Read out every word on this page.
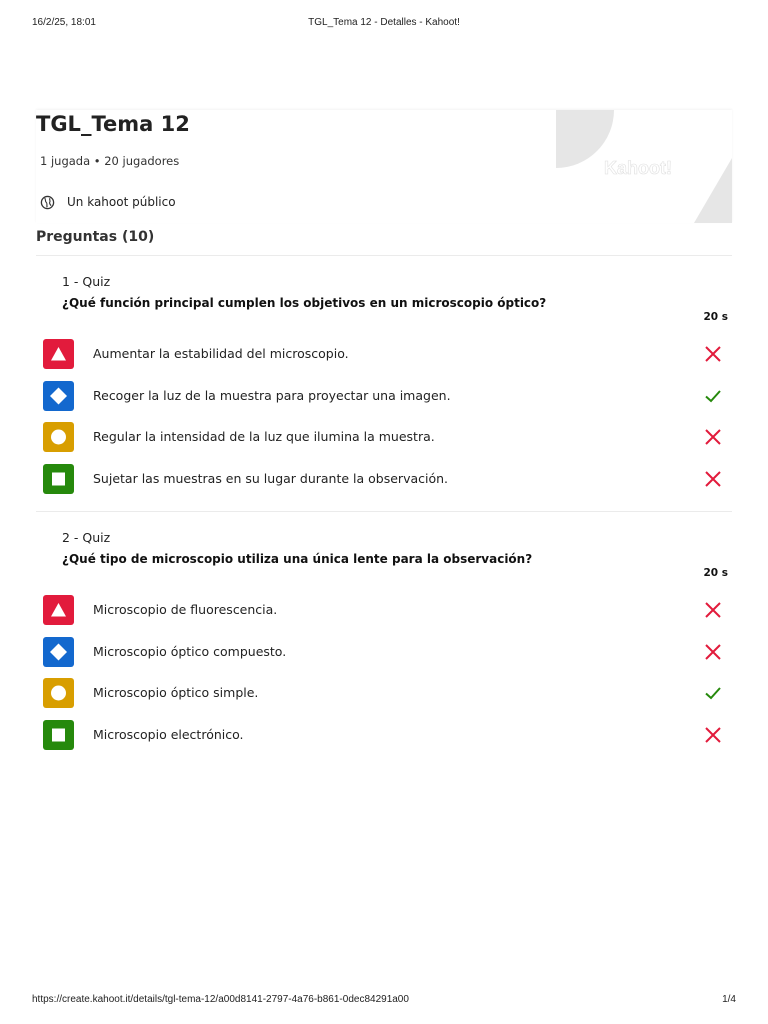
16/2/25, 18:01	TGL_Tema 12 - Detalles - Kahoot!
TGL_Tema 12
1 jugada • 20 jugadores
Un kahoot público
Kahoot!
Preguntas (10)
1 - Quiz
¿Qué función principal cumplen los objetivos en un microscopio óptico?
20 s
Aumentar la estabilidad del microscopio.
Recoger la luz de la muestra para proyectar una imagen.
Regular la intensidad de la luz que ilumina la muestra.
Sujetar las muestras en su lugar durante la observación.
2 - Quiz
¿Qué tipo de microscopio utiliza una única lente para la observación?
20 s
Microscopio de fluorescencia.
Microscopio óptico compuesto.
Microscopio óptico simple.
Microscopio electrónico.
https://create.kahoot.it/details/tgl-tema-12/a00d8141-2797-4a76-b861-0dec84291a00	1/4
